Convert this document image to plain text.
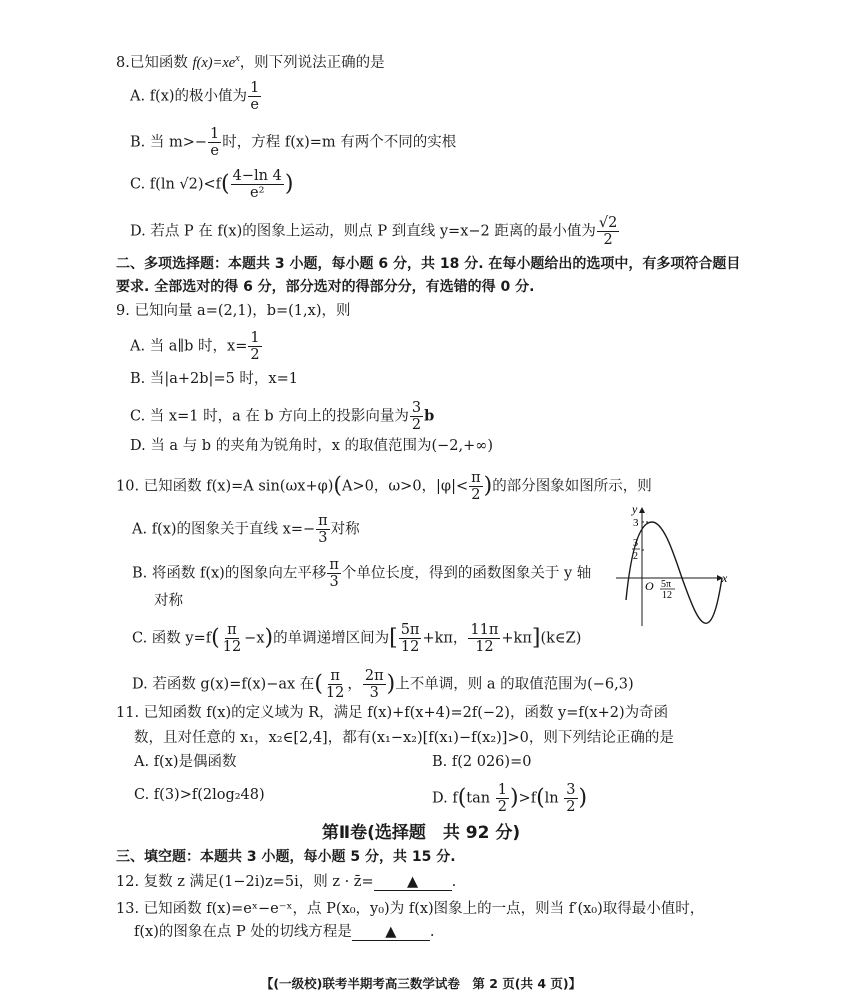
8.已知函数 $f(x)=xe^x$，则下列说法正确的是
A. f(x)的极小值为 $\frac{1}{e}$
B. 当 $m>- \frac{1}{e}$ 时，方程 f(x)=m 有两个不同的实根
C. f(ln $√2)<f( \frac{4-\ln 4}{\text{e²}}$ )
D. 若点 P 在 f(x)的图象上运动，则点 P 到直线 y=x−2 距离的最小值为 $\frac{√2}{2}$
二、多项选择题：本题共 3 小题，每小题 6 分，共 18 分. 在每小题给出的选项中，有多项符合题目
要求. 全部选对的得 6 分，部分选对的得部分分，有选错的得 0 分.
9. 已知向量 a=(2,1)，b=(1,x)，则
A. 当 a∥b 时，$x= \frac{1}{2}$
B. 当|a+2b|=5 时，x=1
C. 当 x=1 时，a 在 b 方向上的投影向量为 $\frac{3}{2}$ b
D. 当 a 与 b 的夹角为锐角时，x 的取值范围为(−2,+∞)
10. 已知函数 f(x)=A sin(ωx+φ)(A>0，ω>0，$|\varphi|< \frac{\pi}{2}$ )的部分图象如图所示，则
A. f(x)的图象关于直线 $x=- \frac{\pi}{3}$ 对称
B. 将函数 f(x)的图象向左平移 $\frac{\pi}{3}$ 个单位长度，得到的函数图象关于 y 轴
对称
C. 函数 $y=f( \frac{\pi}{12} -x)$的单调递增区间为[ $\frac{5\pi}{12} +k\pi$， $\frac{11\pi}{12}$ +kπ](k∈Z)
D. 若函数 g(x)=f(x)−ax 在( $\frac{\pi}{12}$ ， $\frac{2\pi}{3}$ )上不单调，则 a 的取值范围为(−6,3)
y
x
O
3
3
2
5π
12
11. 已知函数 f(x)的定义域为 R，满足 f(x)+f(x+4)=2f(−2)，函数 y=f(x+2)为奇函
数，且对任意的 x₁，x₂∈[2,4]，都有(x₁−x₂)[f(x₁)−f(x₂)]>0，则下列结论正确的是
A. f(x)是偶函数	B. f(2 026)=0
C. f(3)>f(2log₂48)	D. $f(\tan \frac{1}{2} )>f(\ln \frac{3}{2}$ )
第Ⅱ卷(选择题　共 92 分)
三、填空题：本题共 3 小题，每小题 5 分，共 15 分.
12. 复数 z 满足(1−2i)z=5i，则 z · z̄= ▲ .
13. 已知函数 f(x)=eˣ−e⁻ˣ，点 P(x₀，y₀)为 f(x)图象上的一点，则当 f′(x₀)取得最小值时，
f(x)的图象在点 P 处的切线方程是 ▲ .
【(一级校)联考半期考高三数学试卷　第 2 页(共 4 页)】
